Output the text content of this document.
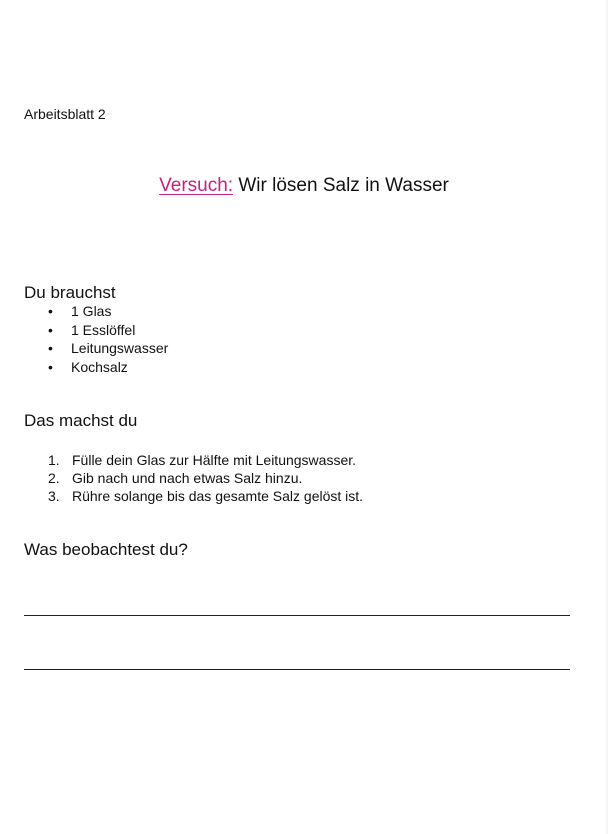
Arbeitsblatt 2

Versuch: Wir lösen Salz in Wasser
Du brauchst
• 1 Glas
• 1 Esslöffel
• Leitungswasser
• Kochsalz
Das machst du
1. Fülle dein Glas zur Hälfte mit Leitungswasser.
2. Gib nach und nach etwas Salz hinzu.
3. Rühre solange bis das gesamte Salz gelöst ist.
Was beobachtest du?
